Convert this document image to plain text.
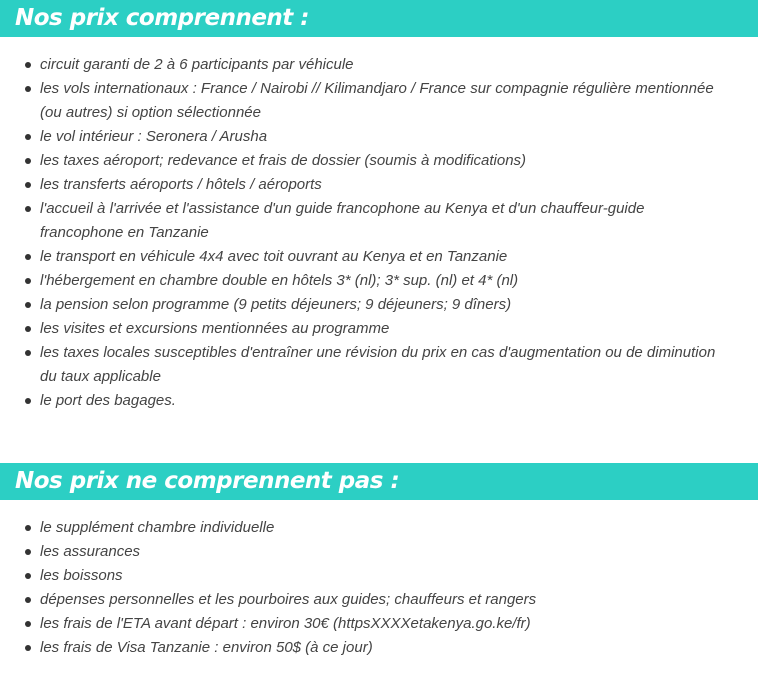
Nos prix comprennent :
circuit garanti de 2 à 6 participants par véhicule
les vols internationaux : France / Nairobi // Kilimandjaro / France sur compagnie régulière mentionnée (ou autres) si option sélectionnée
le vol intérieur : Seronera / Arusha
les taxes aéroport; redevance et frais de dossier (soumis à modifications)
les transferts aéroports / hôtels / aéroports
l'accueil à l'arrivée et l'assistance d'un guide francophone au Kenya et d'un chauffeur-guide francophone en Tanzanie
le transport en véhicule 4x4 avec toit ouvrant au Kenya et en Tanzanie
l'hébergement en chambre double en hôtels 3* (nl); 3* sup. (nl) et 4* (nl)
la pension selon programme (9 petits déjeuners; 9 déjeuners; 9 dîners)
les visites et excursions mentionnées au programme
les taxes locales susceptibles d'entraîner une révision du prix en cas d'augmentation ou de diminution du taux applicable
le port des bagages.
Nos prix ne comprennent pas :
le supplément chambre individuelle
les assurances
les boissons
dépenses personnelles et les pourboires aux guides; chauffeurs et rangers
les frais de l'ETA avant départ : environ 30€ (httpsXXXXetakenya.go.ke/fr)
les frais de Visa Tanzanie : environ 50$ (à ce jour)
